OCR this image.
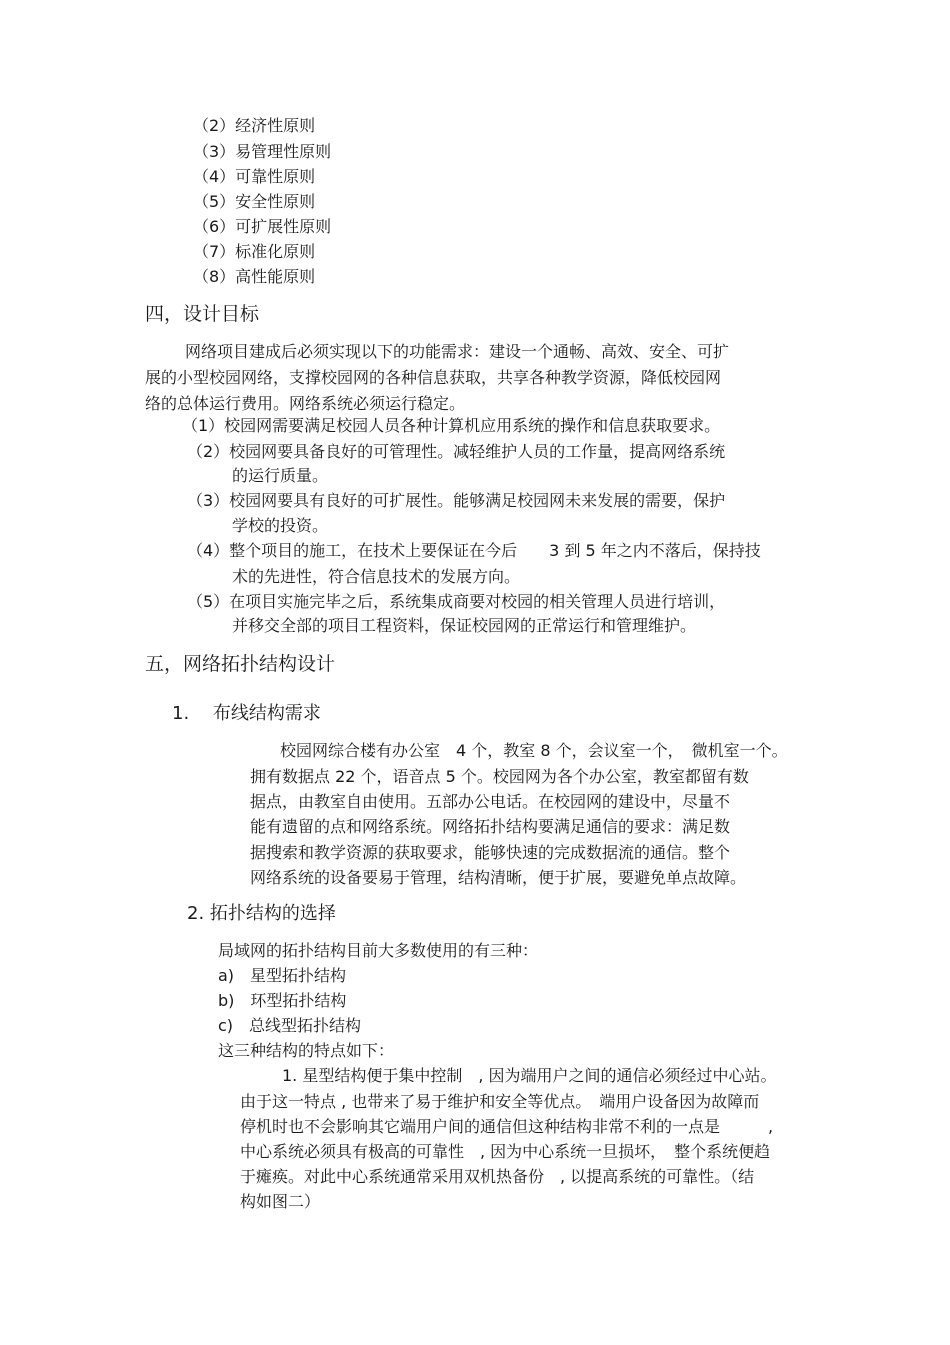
（2）经济性原则
（3）易管理性原则
（4）可靠性原则
（5）安全性原则
（6）可扩展性原则
（7）标准化原则
（8）高性能原则
四，设计目标
网络项目建成后必须实现以下的功能需求：建设一个通畅、高效、安全、可扩
展的小型校园网络，支撑校园网的各种信息获取，共享各种教学资源，降低校园网
络的总体运行费用。网络系统必须运行稳定。
（1）校园网需要满足校园人员各种计算机应用系统的操作和信息获取要求。
（2）校园网要具备良好的可管理性。减轻维护人员的工作量，提高网络系统
的运行质量。
（3）校园网要具有良好的可扩展性。能够满足校园网未来发展的需要，保护
学校的投资。
（4）整个项目的施工，在技术上要保证在今后　　3 到 5 年之内不落后，保持技
术的先进性，符合信息技术的发展方向。
（5）在项目实施完毕之后，系统集成商要对校园的相关管理人员进行培训，
并移交全部的项目工程资料，保证校园网的正常运行和管理维护。
五，网络拓扑结构设计
1.　 布线结构需求
校园网综合楼有办公室　4 个，教室 8 个，会议室一个，　微机室一个。
拥有数据点 22 个，语音点 5 个。校园网为各个办公室，教室都留有数
据点，由教室自由使用。五部办公电话。在校园网的建设中，尽量不
能有遗留的点和网络系统。网络拓扑结构要满足通信的要求：满足数
据搜索和教学资源的获取要求，能够快速的完成数据流的通信。整个
网络系统的设备要易于管理，结构清晰，便于扩展，要避免单点故障。
2. 拓扑结构的选择
局域网的拓扑结构目前大多数使用的有三种：
a)　星型拓扑结构
b)　环型拓扑结构
c)　总线型拓扑结构
这三种结构的特点如下：
1. 星型结构便于集中控制　, 因为端用户之间的通信必须经过中心站。
由于这一特点 , 也带来了易于维护和安全等优点。　端用户设备因为故障而
停机时也不会影响其它端用户间的通信但这种结构非常不利的一点是　　　,
中心系统必须具有极高的可靠性　, 因为中心系统一旦损坏，　整个系统便趋
于瘫痪。对此中心系统通常采用双机热备份　, 以提高系统的可靠性。（结
构如图二）
